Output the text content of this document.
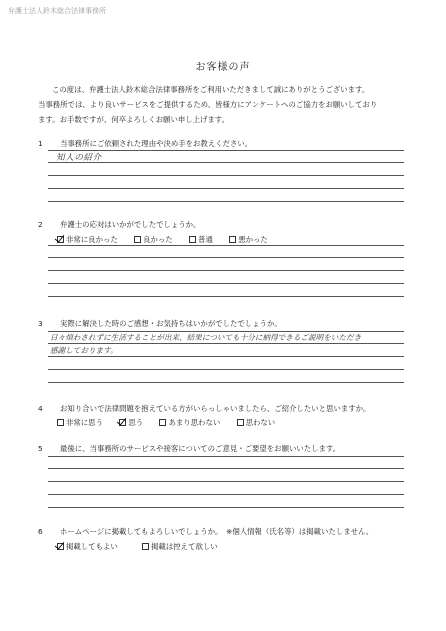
弁護士法人鈴木総合法律事務所
お客様の声

この度は、弁護士法人鈴木総合法律事務所をご利用いただきまして誠にありがとうございます。

当事務所では、より良いサービスをご提供するため、皆様方にアンケートへのご協力をお願いしており

ます。お手数ですが、何卒よろしくお願い申し上げます。

1 当事務所にご依頼された理由や決め手をお教えください。
知人の紹介
2 弁護士の応対はいかがでしたでしょうか。
非常に良かった	良かった	普通	悪かった
3 実際に解決した時のご感想・お気持ちはいかがでしたでしょうか。
日々煩わされずに生活することが出来、結果についても十分に納得できるご説明をいただき
感謝しております。
4 お知り合いで法律問題を抱えている方がいらっしゃいましたら、ご紹介したいと思いますか。
非常に思う	思う	あまり思わない	思わない
5 最後に、当事務所のサービスや接客についてのご意見・ご要望をお願いいたします。
6 ホームページに掲載してもよろしいでしょうか。　※個人情報（氏名等）は掲載いたしません。
掲載してもよい	掲載は控えて欲しい
